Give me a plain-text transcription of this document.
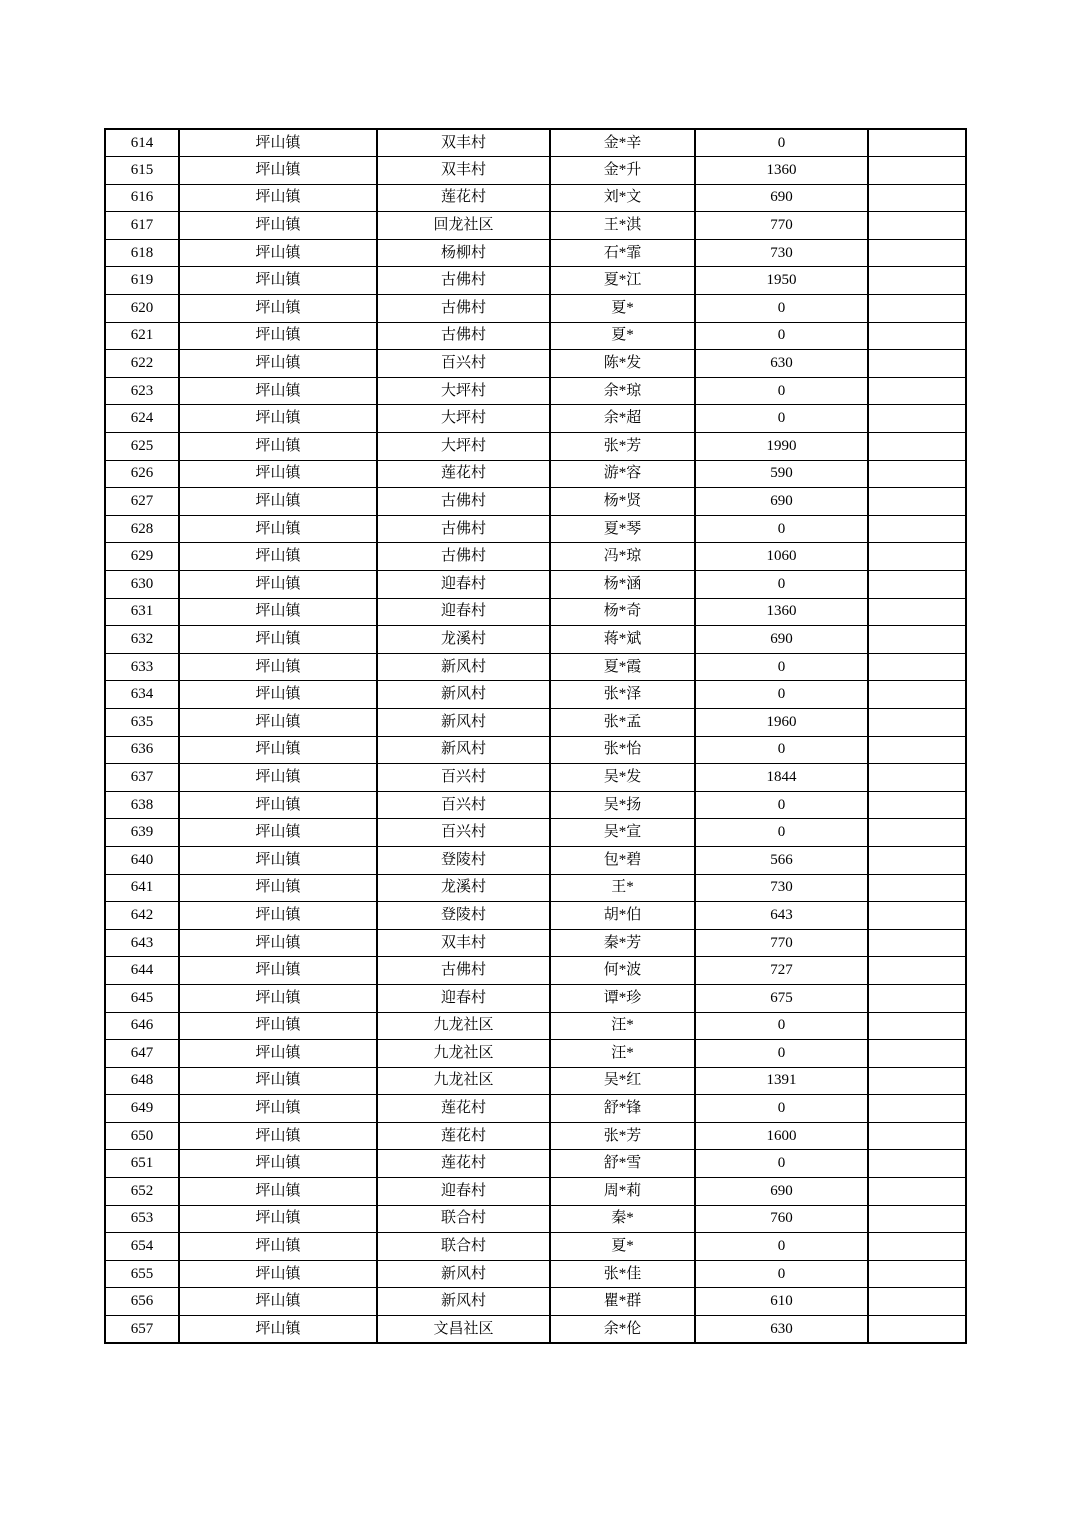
614	坪山镇	双丰村	金*辛	0	
615	坪山镇	双丰村	金*升	1360	
616	坪山镇	莲花村	刘*文	690	
617	坪山镇	回龙社区	王*淇	770	
618	坪山镇	杨柳村	石*霏	730	
619	坪山镇	古佛村	夏*江	1950	
620	坪山镇	古佛村	夏*	0	
621	坪山镇	古佛村	夏*	0	
622	坪山镇	百兴村	陈*发	630	
623	坪山镇	大坪村	余*琼	0	
624	坪山镇	大坪村	余*超	0	
625	坪山镇	大坪村	张*芳	1990	
626	坪山镇	莲花村	游*容	590	
627	坪山镇	古佛村	杨*贤	690	
628	坪山镇	古佛村	夏*琴	0	
629	坪山镇	古佛村	冯*琼	1060	
630	坪山镇	迎春村	杨*涵	0	
631	坪山镇	迎春村	杨*奇	1360	
632	坪山镇	龙溪村	蒋*斌	690	
633	坪山镇	新风村	夏*霞	0	
634	坪山镇	新风村	张*泽	0	
635	坪山镇	新风村	张*孟	1960	
636	坪山镇	新风村	张*怡	0	
637	坪山镇	百兴村	吴*发	1844	
638	坪山镇	百兴村	吴*扬	0	
639	坪山镇	百兴村	吴*宣	0	
640	坪山镇	登陵村	包*碧	566	
641	坪山镇	龙溪村	王*	730	
642	坪山镇	登陵村	胡*伯	643	
643	坪山镇	双丰村	秦*芳	770	
644	坪山镇	古佛村	何*波	727	
645	坪山镇	迎春村	谭*珍	675	
646	坪山镇	九龙社区	汪*	0	
647	坪山镇	九龙社区	汪*	0	
648	坪山镇	九龙社区	吴*红	1391	
649	坪山镇	莲花村	舒*锋	0	
650	坪山镇	莲花村	张*芳	1600	
651	坪山镇	莲花村	舒*雪	0	
652	坪山镇	迎春村	周*莉	690	
653	坪山镇	联合村	秦*	760	
654	坪山镇	联合村	夏*	0	
655	坪山镇	新风村	张*佳	0	
656	坪山镇	新风村	瞿*群	610	
657	坪山镇	文昌社区	余*伦	630	
